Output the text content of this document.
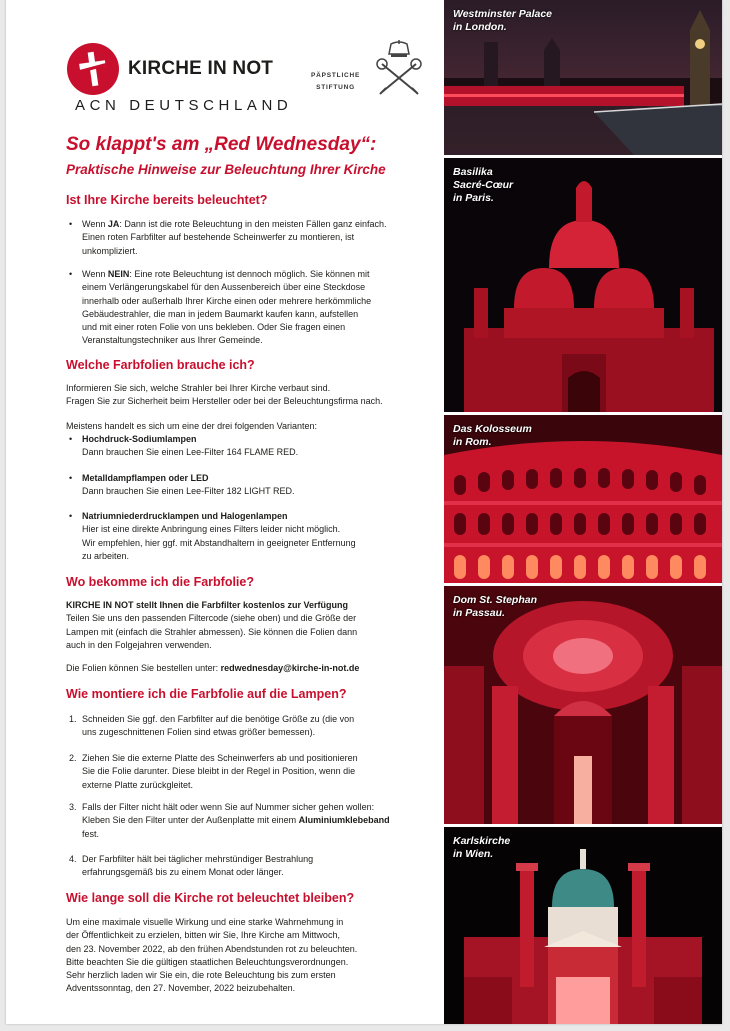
KIRCHE IN NOT
ACN DEUTSCHLAND
PÄPSTLICHE
STIFTUNG
So klappt's am „Red Wednesday“:
Praktische Hinweise zur Beleuchtung Ihrer Kirche
Ist Ihre Kirche bereits beleuchtet?
• Wenn JA: Dann ist die rote Beleuchtung in den meisten Fällen ganz einfach.
Einen roten Farbfilter auf bestehende Scheinwerfer zu montieren, ist
unkompliziert.
• Wenn NEIN: Eine rote Beleuchtung ist dennoch möglich. Sie können mit
einem Verlängerungskabel für den Aussenbereich über eine Steckdose
innerhalb oder außerhalb Ihrer Kirche einen oder mehrere herkömmliche
Gebäudestrahler, die man in jedem Baumarkt kaufen kann, aufstellen
und mit einer roten Folie von uns bekleben. Oder Sie fragen einen
Veranstaltungstechniker aus Ihrer Gemeinde.
Welche Farbfolien brauche ich?
Informieren Sie sich, welche Strahler bei Ihrer Kirche verbaut sind.
Fragen Sie zur Sicherheit beim Hersteller oder bei der Beleuchtungsfirma nach.
Meistens handelt es sich um eine der drei folgenden Varianten:
• Hochdruck-Sodiumlampen
Dann brauchen Sie einen Lee-Filter 164 FLAME RED.
• Metalldampflampen oder LED
Dann brauchen Sie einen Lee-Filter 182 LIGHT RED.
• Natriumniederdrucklampen und Halogenlampen
Hier ist eine direkte Anbringung eines Filters leider nicht möglich.
Wir empfehlen, hier ggf. mit Abstandhaltern in geeigneter Entfernung
zu arbeiten.
Wo bekomme ich die Farbfolie?
KIRCHE IN NOT stellt Ihnen die Farbfilter kostenlos zur Verfügung
Teilen Sie uns den passenden Filtercode (siehe oben) und die Größe der
Lampen mit (einfach die Strahler abmessen). Sie können die Folien dann
auch in den Folgejahren verwenden.
Die Folien können Sie bestellen unter: redwednesday@kirche-in-not.de
Wie montiere ich die Farbfolie auf die Lampen?
1. Schneiden Sie ggf. den Farbfilter auf die benötige Größe zu (die von
uns zugeschnittenen Folien sind etwas größer bemessen).
2. Ziehen Sie die externe Platte des Scheinwerfers ab und positionieren
Sie die Folie darunter. Diese bleibt in der Regel in Position, wenn die
externe Platte zurückgleitet.
3. Falls der Filter nicht hält oder wenn Sie auf Nummer sicher gehen wollen:
Kleben Sie den Filter unter der Außenplatte mit einem Aluminiumklebeband
fest.
4. Der Farbfilter hält bei täglicher mehrstündiger Bestrahlung
erfahrungsgemäß bis zu einem Monat oder länger.
Wie lange soll die Kirche rot beleuchtet bleiben?
Um eine maximale visuelle Wirkung und eine starke Wahrnehmung in
der Öffentlichkeit zu erzielen, bitten wir Sie, Ihre Kirche am Mittwoch,
den 23. November 2022, ab den frühen Abendstunden rot zu beleuchten.
Bitte beachten Sie die gültigen staatlichen Beleuchtungsverordnungen.
Sehr herzlich laden wir Sie ein, die rote Beleuchtung bis zum ersten
Adventssonntag, den 27. November, 2022 beizubehalten.
Westminster Palace
in London.
Basilika
Sacré-Cœur
in Paris.
Das Kolosseum
in Rom.
Dom St. Stephan
in Passau.
Karlskirche
in Wien.
